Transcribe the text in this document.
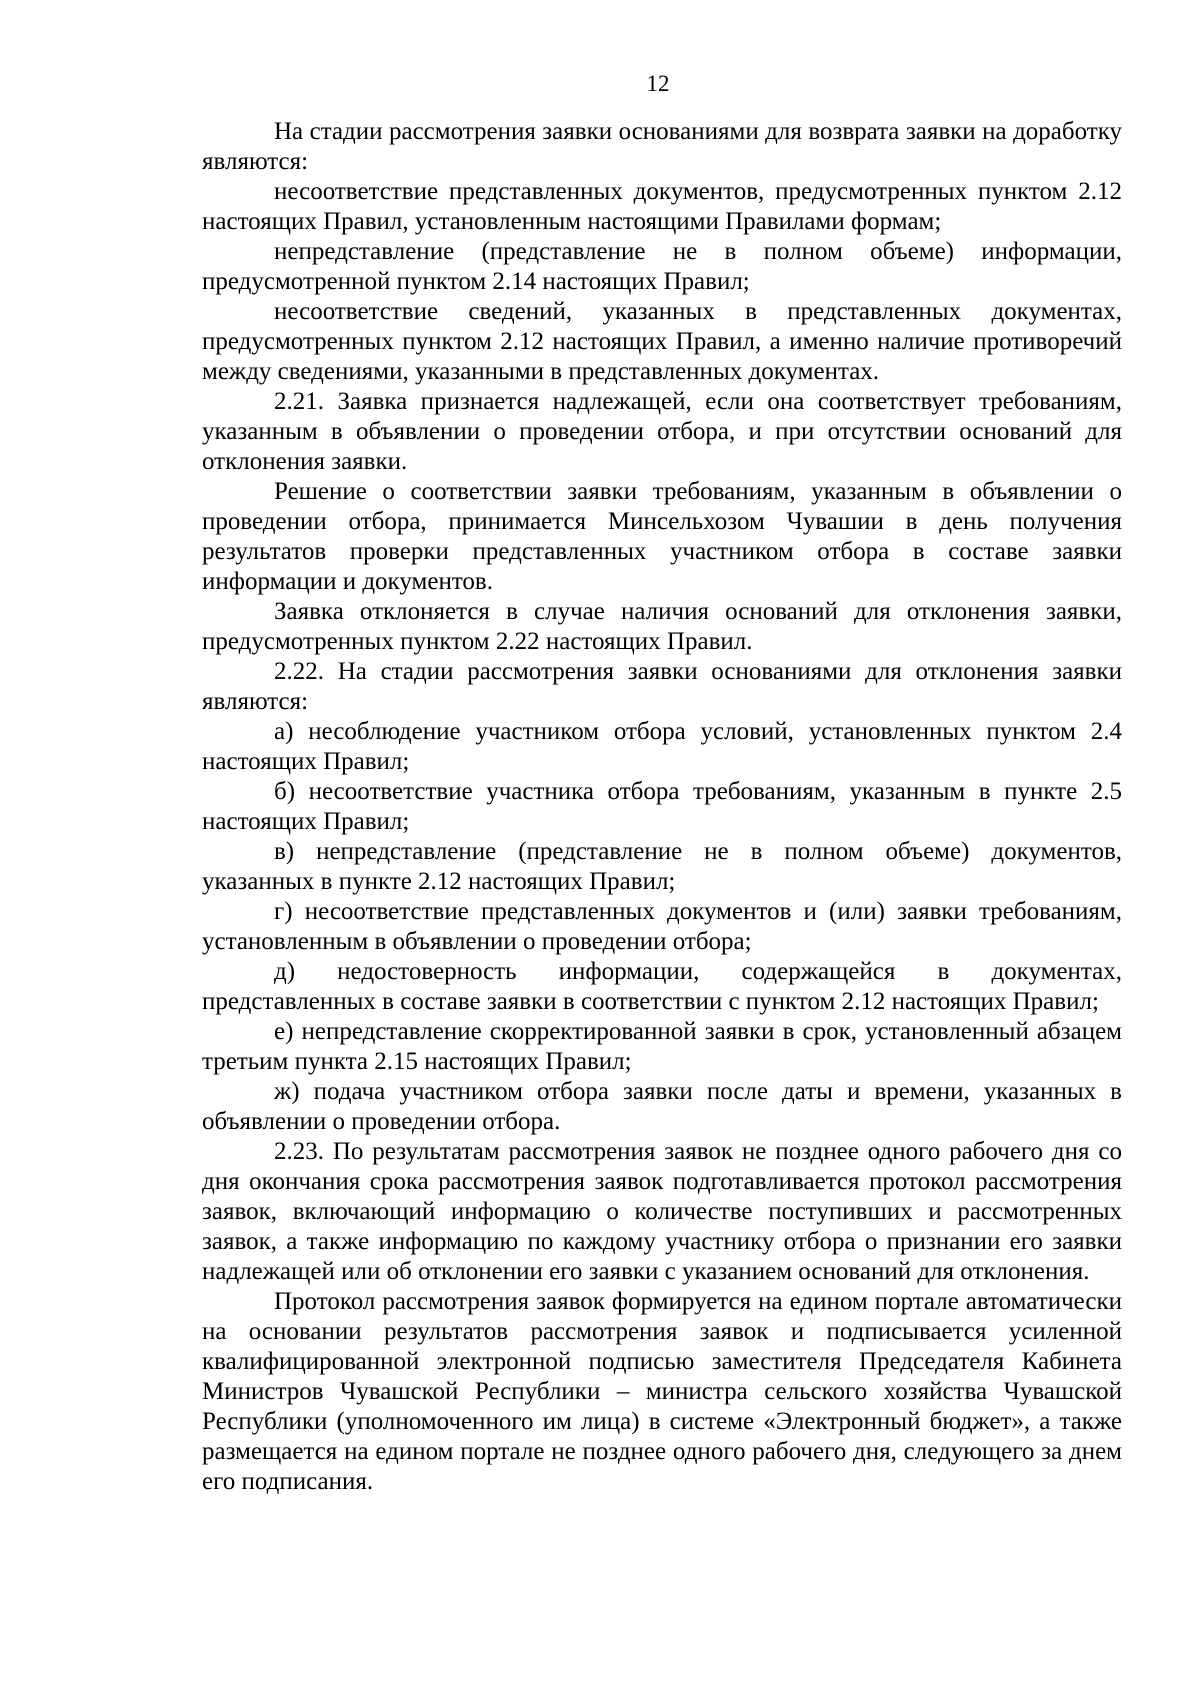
12

На стадии рассмотрения заявки основаниями для возврата заявки на доработку являются:

несоответствие представленных документов, предусмотренных пунктом 2.12 настоящих Правил, установленным настоящими Правилами формам;

непредставление (представление не в полном объеме) информации, предусмотренной пунктом 2.14 настоящих Правил;

несоответствие сведений, указанных в представленных документах, предусмотренных пунктом 2.12 настоящих Правил, а именно наличие противоречий между сведениями, указанными в представленных документах.

2.21. Заявка признается надлежащей, если она соответствует требованиям, указанным в объявлении о проведении отбора, и при отсутствии оснований для отклонения заявки.

Решение о соответствии заявки требованиям, указанным в объявлении о проведении отбора, принимается Минсельхозом Чувашии в день получения результатов проверки представленных участником отбора в составе заявки информации и документов.

Заявка отклоняется в случае наличия оснований для отклонения заявки, предусмотренных пунктом 2.22 настоящих Правил.

2.22. На стадии рассмотрения заявки основаниями для отклонения заявки являются:

а) несоблюдение участником отбора условий, установленных пунктом 2.4 настоящих Правил;

б) несоответствие участника отбора требованиям, указанным в пункте 2.5 настоящих Правил;

в) непредставление (представление не в полном объеме) документов, указанных в пункте 2.12 настоящих Правил;

г) несоответствие представленных документов и (или) заявки требованиям, установленным в объявлении о проведении отбора;

д) недостоверность информации, содержащейся в документах, представленных в составе заявки в соответствии с пунктом 2.12 настоящих Правил;

е) непредставление скорректированной заявки в срок, установленный абзацем третьим пункта 2.15 настоящих Правил;

ж) подача участником отбора заявки после даты и времени, указанных в объявлении о проведении отбора.

2.23. По результатам рассмотрения заявок не позднее одного рабочего дня со дня окончания срока рассмотрения заявок подготавливается протокол рассмотрения заявок, включающий информацию о количестве поступивших и рассмотренных заявок, а также информацию по каждому участнику отбора о признании его заявки надлежащей или об отклонении его заявки с указанием оснований для отклонения.

Протокол рассмотрения заявок формируется на едином портале автоматически на основании результатов рассмотрения заявок и подписывается усиленной квалифицированной электронной подписью заместителя Председателя Кабинета Министров Чувашской Республики – министра сельского хозяйства Чувашской Республики (уполномоченного им лица) в системе «Электронный бюджет», а также размещается на едином портале не позднее одного рабочего дня, следующего за днем его подписания.
